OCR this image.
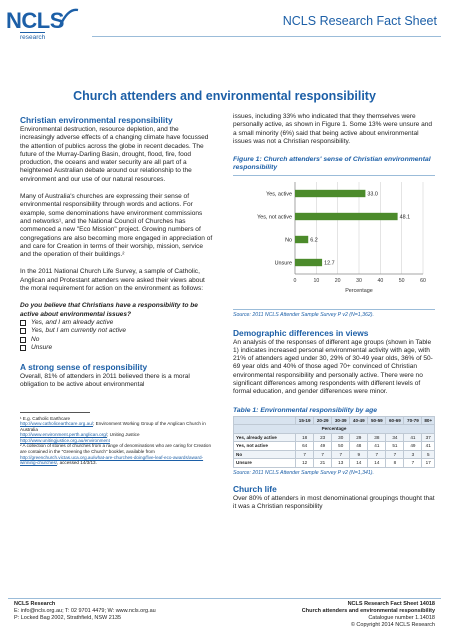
NCLS
research
NCLS Research Fact Sheet
Church attenders and environmental responsibility
Christian environmental responsibility
Environmental destruction, resource depletion, and the increasingly adverse effects of a changing climate have focussed the attention of publics across the globe in recent decades. The future of the Murray-Darling Basin, drought, flood, fire, food production, the oceans and water security are all part of a heightened Australian debate around our relationship to the environment and our use of our natural resources.
Many of Australia's churches are expressing their sense of environmental responsibility through words and actions. For example, some denominations have environment commissions and networks¹, and the National Council of Churches has commenced a new "Eco Mission" project. Growing numbers of congregations are also becoming more engaged in appreciation of and care for Creation in terms of their worship, mission, service and the operation of their buildings.²
In the 2011 National Church Life Survey, a sample of Catholic, Anglican and Protestant attenders were asked their views about the moral requirement for action on the environment as follows:
Do you believe that Christians have a responsibility to be active about environmental issues?
Yes, and I am already active
Yes, but I am currently not active
No
Unsure
A strong sense of responsibility
Overall, 81% of attenders in 2011 believed there is a moral obligation to be active about environmental
¹ E.g. Catholic Earthcare
http://www.catholicearthcare.org.au/; Environment Working Group of the Anglican Church in Australia
http://www.environment.perth.anglican.org/; Uniting Justice
http://www.unitingjustice.org.au/environment
² A collection of stories of churches from a range of denominations who are caring for Creation are contained in the "Greening the Church" booklet, available from http://greenchurch.victas.uca.org.au/what-are-churches-doing/five-leaf-eco-awards/award-winning-churches/, accessed 14/3/13.
issues, including 33% who indicated that they themselves were personally active, as shown in Figure 1. Some 13% were unsure and a small minority (6%) said that being active about environmental issues was not a Christian responsibility.
Figure 1: Church attenders' sense of Christian environmental responsibility
0	10	20	30	40	50	60
Yes, active	33.0
Yes, not active	48.1
No	6.2
Unsure	12.7
Percentage
Source: 2011 NCLS Attender Sample Survey P v2 (N=1,362).
Demographic differences in views
An analysis of the responses of different age groups (shown in Table 1) indicates increased personal environmental activity with age, with 21% of attenders aged under 30, 29% of 30-49 year olds, 36% of 50-69 year olds and 40% of those aged 70+ convinced of Christian environmental responsibility and personally active. There were no significant differences among respondents with different levels of formal education, and gender differences were minor.
Table 1: Environmental responsibility by age
	15-19	20-29	30-39	40-49	50-59	60-69	70-79	80+
Percentage								
Yes, already active	18	23	30	29	38	34	41	37
Yes, not active	64	49	50	48	41	51	49	41
No	7	7	7	9	7	7	3	5
Unsure	12	21	13	14	14	8	7	17
Source: 2011 NCLS Attender Sample Survey P v2 (N=1,341).
Church life
Over 80% of attenders in most denominational groupings thought that it was a Christian responsibility
NCLS Research
E: info@ncls.org.au; T: 02 9701 4479; W: www.ncls.org.au
P: Locked Bag 2002, Strathfield, NSW 2135
NCLS Research Fact Sheet 14018
Church attenders and environmental responsibility
Catalogue number 1.14018
© Copyright 2014 NCLS Research
